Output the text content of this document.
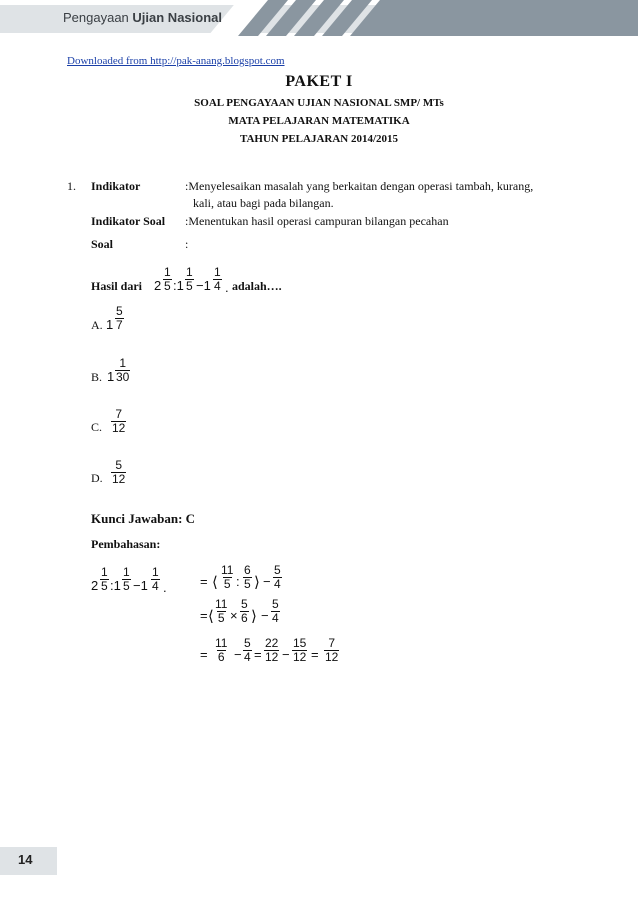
Pengayaan Ujian Nasional
Downloaded from http://pak-anang.blogspot.com
PAKET I
SOAL PENGAYAAN UJIAN NASIONAL SMP/ MTs
MATA PELAJARAN MATEMATIKA
TAHUN PELAJARAN 2014/2015
1. Indikator	:Menyelesaikan masalah yang berkaitan dengan operasi tambah, kurang,
kali, atau bagi pada bilangan.
Indikator Soal :Menentukan hasil operasi campuran bilangan pecahan
Soal	:
Hasil dari $2 \frac{1}{5}$ :1 $\frac{1}{5} -1 \frac{1}{4}$ . adalah….
A. $1 \frac{5}{7}$
B. $1 \frac{1}{30}$
C. $\frac{7}{12}$
D. $\frac{5}{12}$
Kunci Jawaban: C
Pembahasan:
$2 \frac{1}{5}$ :1 $\frac{1}{5} -1 \frac{1}{4}$ .	= ⟨ $\frac{11}{5}$ : $\frac{6}{5}$ ⟩ − $\frac{5}{4}$
= ⟨ $\frac{11}{5} \times \frac{5}{6}$ ⟩ − $\frac{5}{4}$
= $\frac{11}{6} - \frac{5}{4} = \frac{22}{12} - \frac{15}{12} = \frac{7}{12}$
14
